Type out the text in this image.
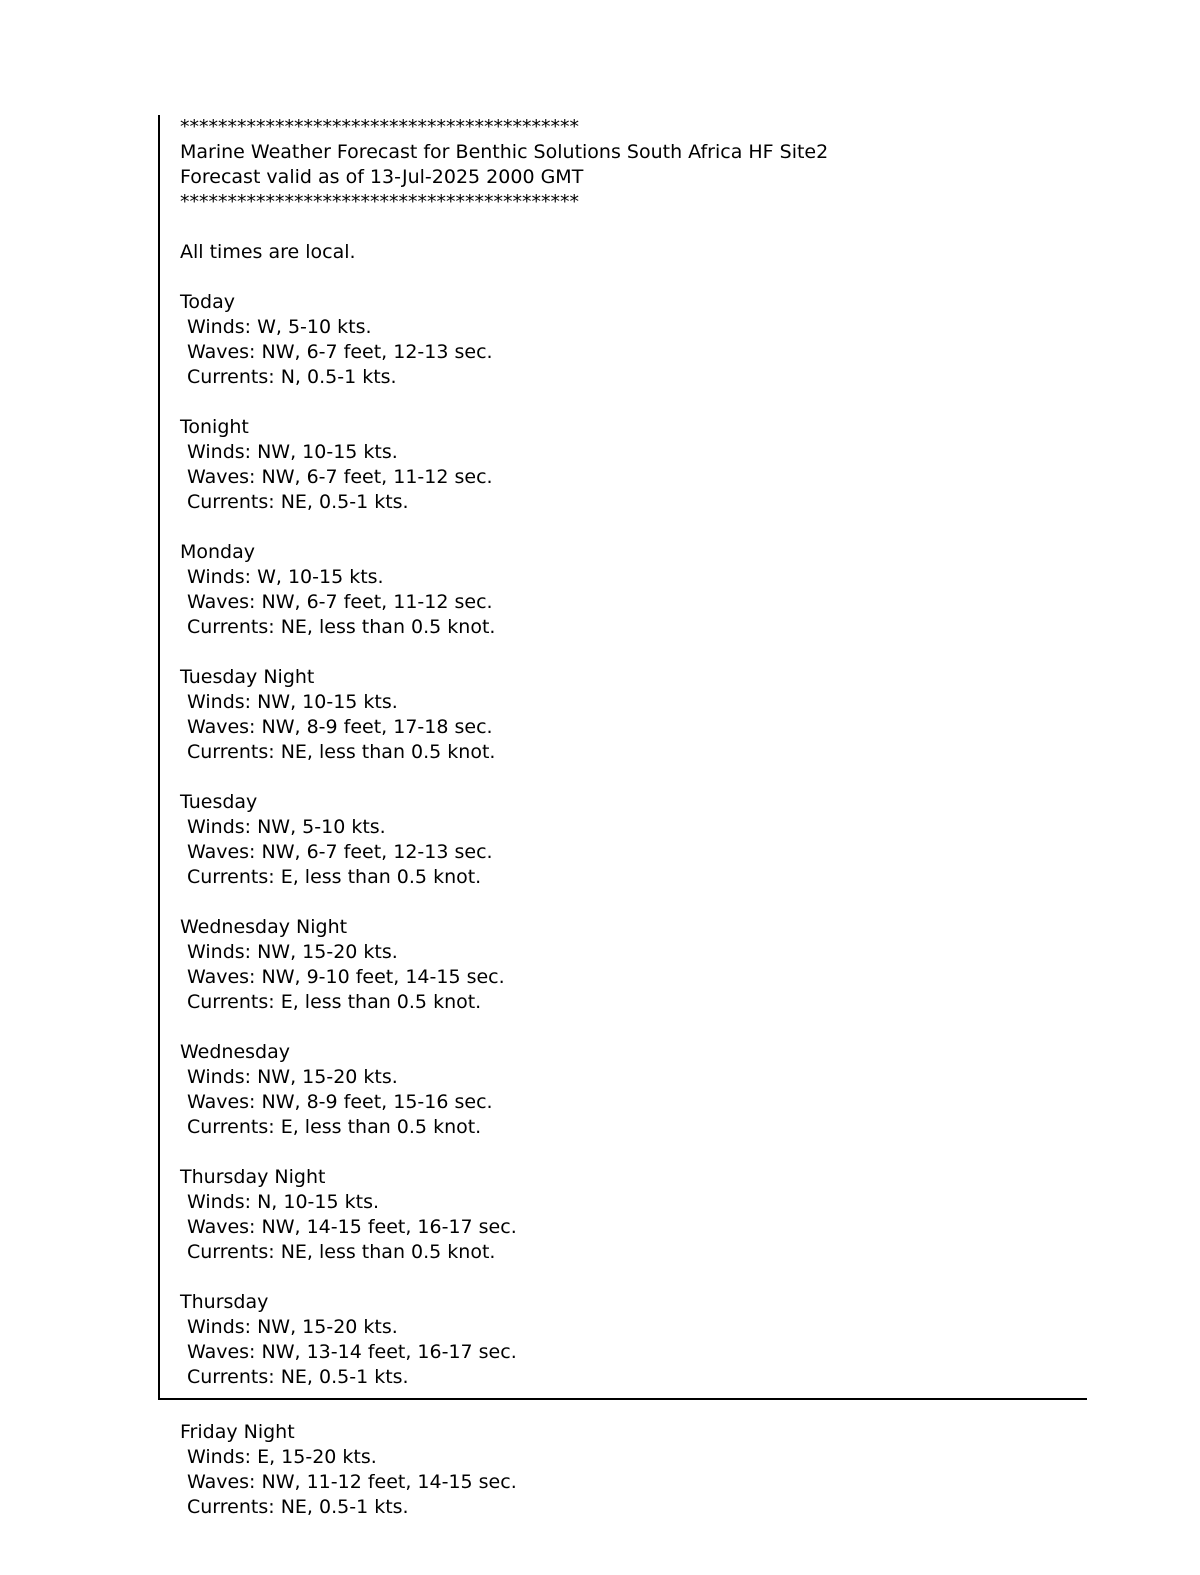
******************************************
Marine Weather Forecast for Benthic Solutions South Africa HF Site2
Forecast valid as of 13-Jul-2025 2000 GMT
******************************************
All times are local.
Today
Winds: W, 5-10 kts.
Waves: NW, 6-7 feet, 12-13 sec.
Currents: N, 0.5-1 kts.
Tonight
Winds: NW, 10-15 kts.
Waves: NW, 6-7 feet, 11-12 sec.
Currents: NE, 0.5-1 kts.
Monday
Winds: W, 10-15 kts.
Waves: NW, 6-7 feet, 11-12 sec.
Currents: NE, less than 0.5 knot.
Tuesday Night
Winds: NW, 10-15 kts.
Waves: NW, 8-9 feet, 17-18 sec.
Currents: NE, less than 0.5 knot.
Tuesday
Winds: NW, 5-10 kts.
Waves: NW, 6-7 feet, 12-13 sec.
Currents: E, less than 0.5 knot.
Wednesday Night
Winds: NW, 15-20 kts.
Waves: NW, 9-10 feet, 14-15 sec.
Currents: E, less than 0.5 knot.
Wednesday
Winds: NW, 15-20 kts.
Waves: NW, 8-9 feet, 15-16 sec.
Currents: E, less than 0.5 knot.
Thursday Night
Winds: N, 10-15 kts.
Waves: NW, 14-15 feet, 16-17 sec.
Currents: NE, less than 0.5 knot.
Thursday
Winds: NW, 15-20 kts.
Waves: NW, 13-14 feet, 16-17 sec.
Currents: NE, 0.5-1 kts.
Friday Night
Winds: E, 15-20 kts.
Waves: NW, 11-12 feet, 14-15 sec.
Currents: NE, 0.5-1 kts.
